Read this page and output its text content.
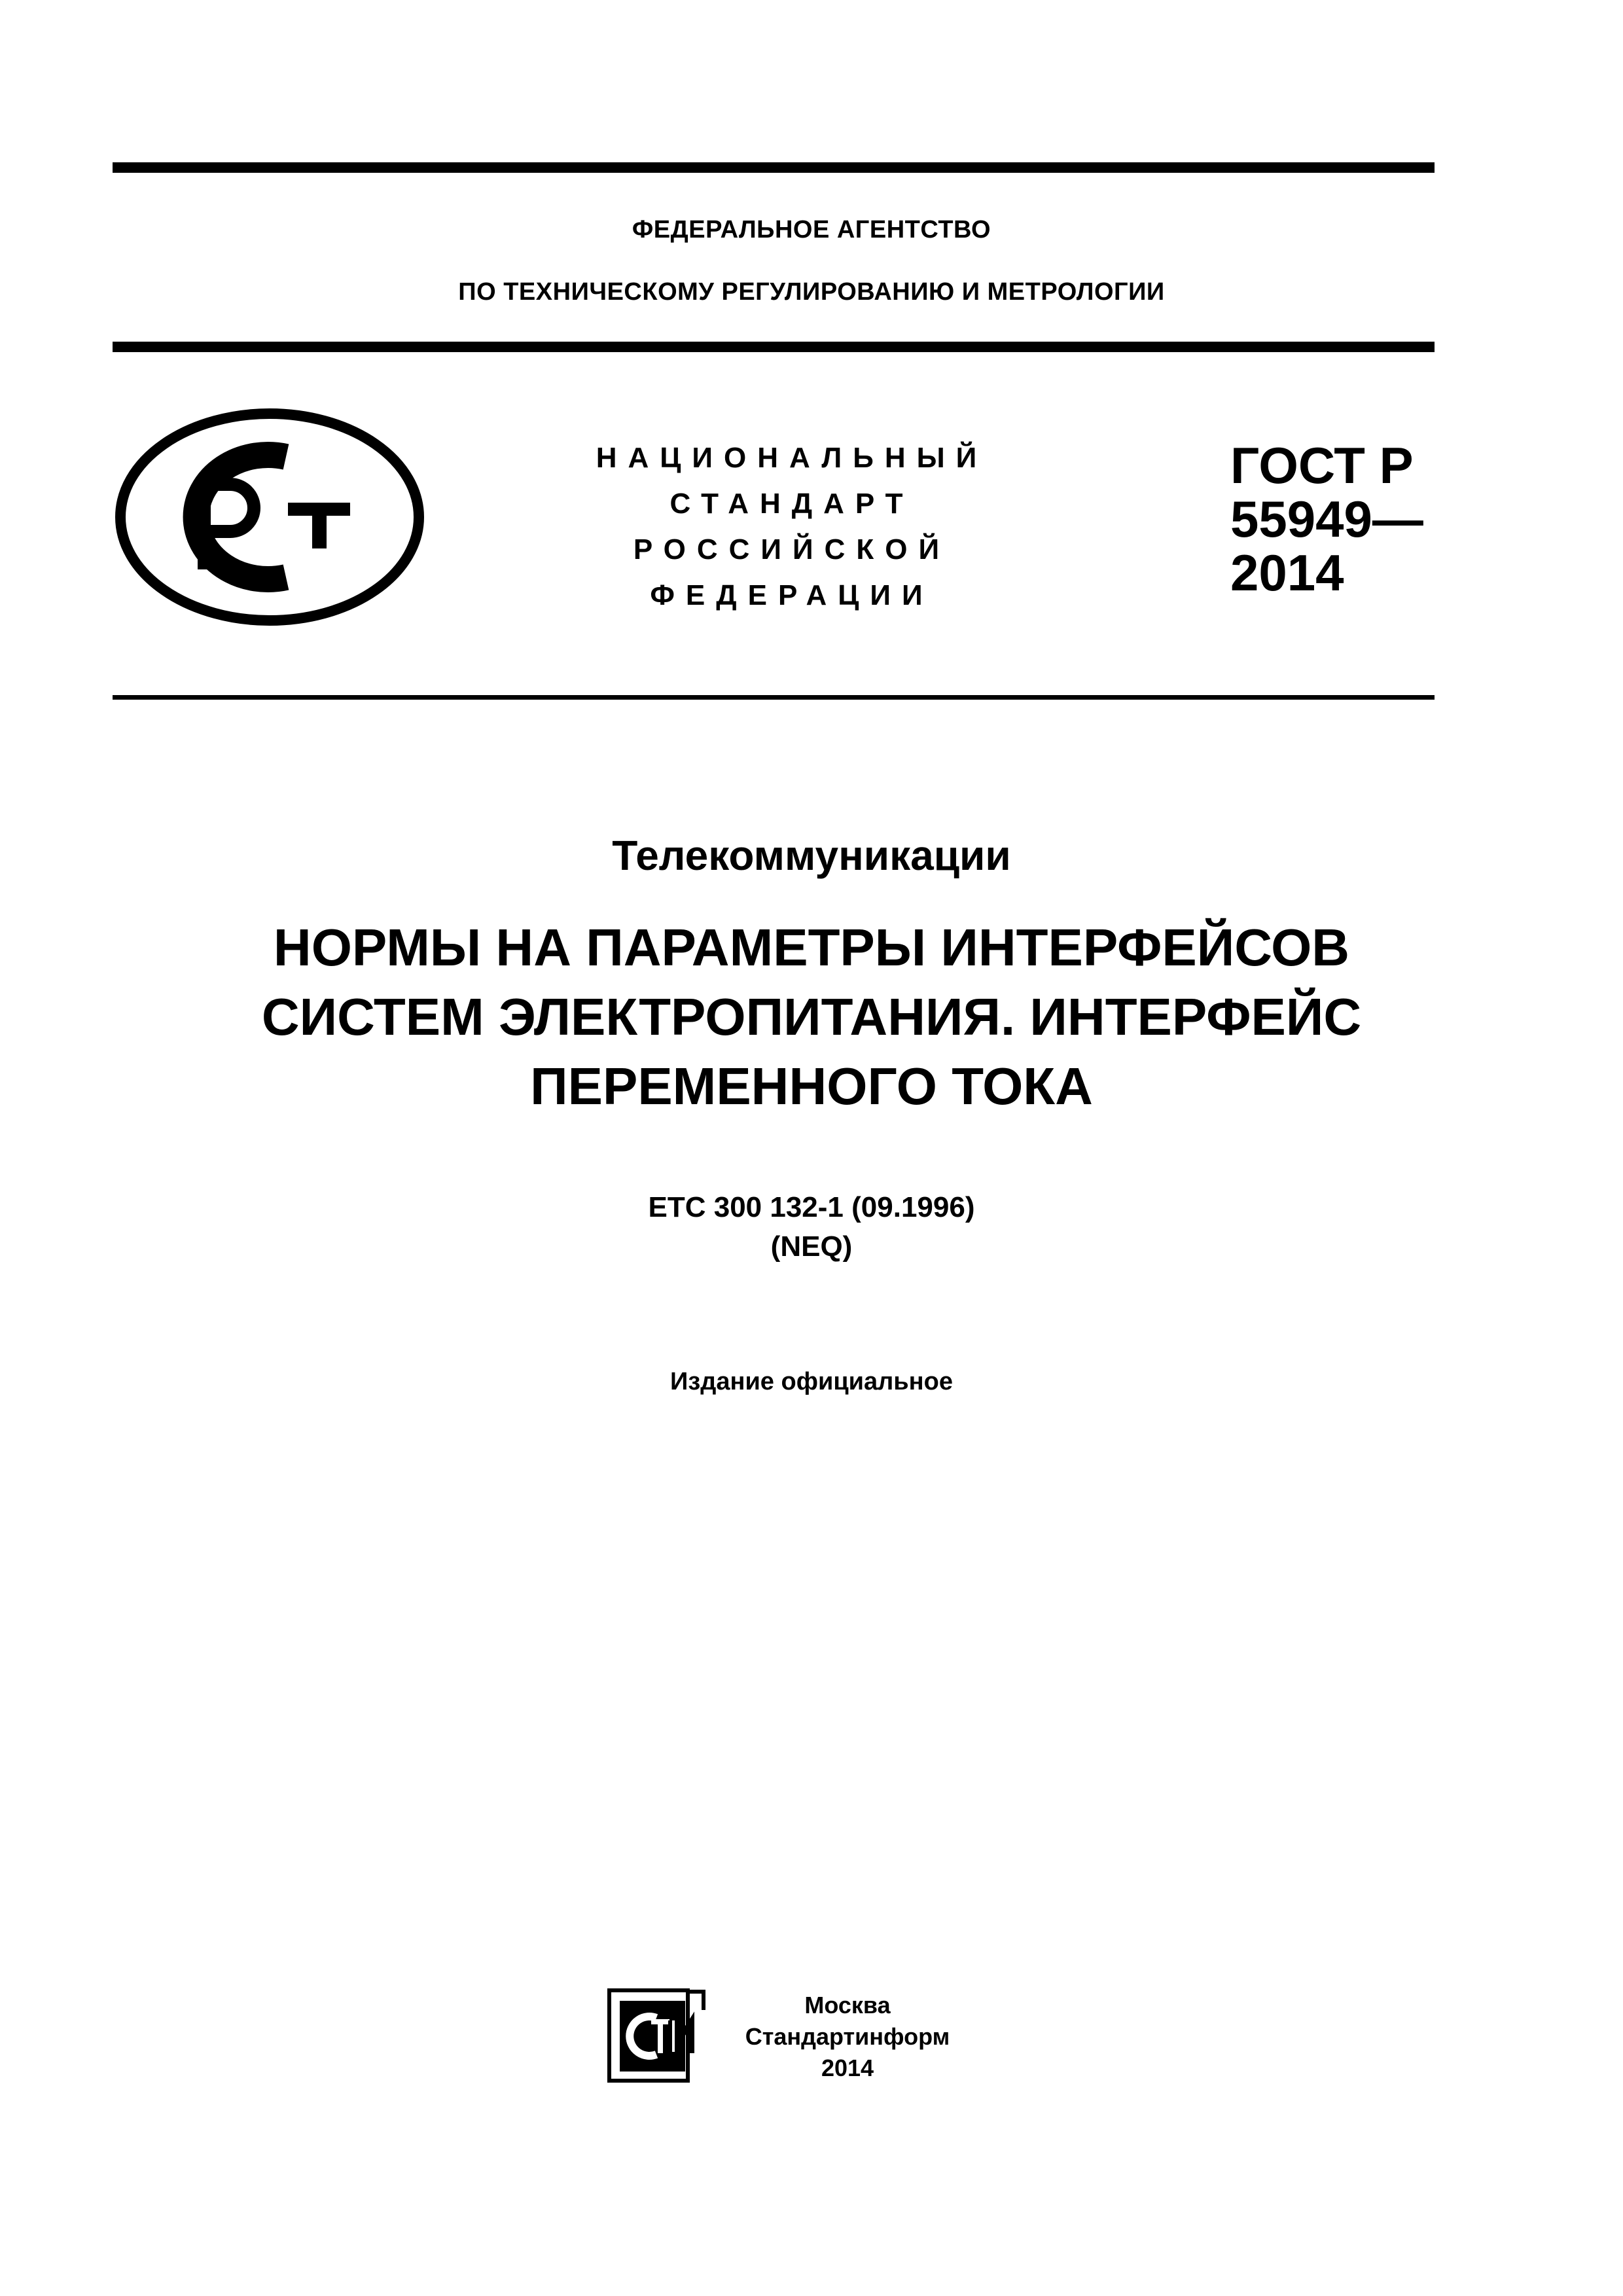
ФЕДЕРАЛЬНОЕ АГЕНТСТВО
ПО ТЕХНИЧЕСКОМУ РЕГУЛИРОВАНИЮ И МЕТРОЛОГИИ
НАЦИОНАЛЬНЫЙ
СТАНДАРТ
РОССИЙСКОЙ
ФЕДЕРАЦИИ
ГОСТ Р
55949—
2014
Телекоммуникации
НОРМЫ НА ПАРАМЕТРЫ ИНТЕРФЕЙСОВ
СИСТЕМ ЭЛЕКТРОПИТАНИЯ. ИНТЕРФЕЙС
ПЕРЕМЕННОГО ТОКА
ETC 300 132-1 (09.1996)
(NEQ)
Издание официальное
Москва
Стандартинформ
2014
